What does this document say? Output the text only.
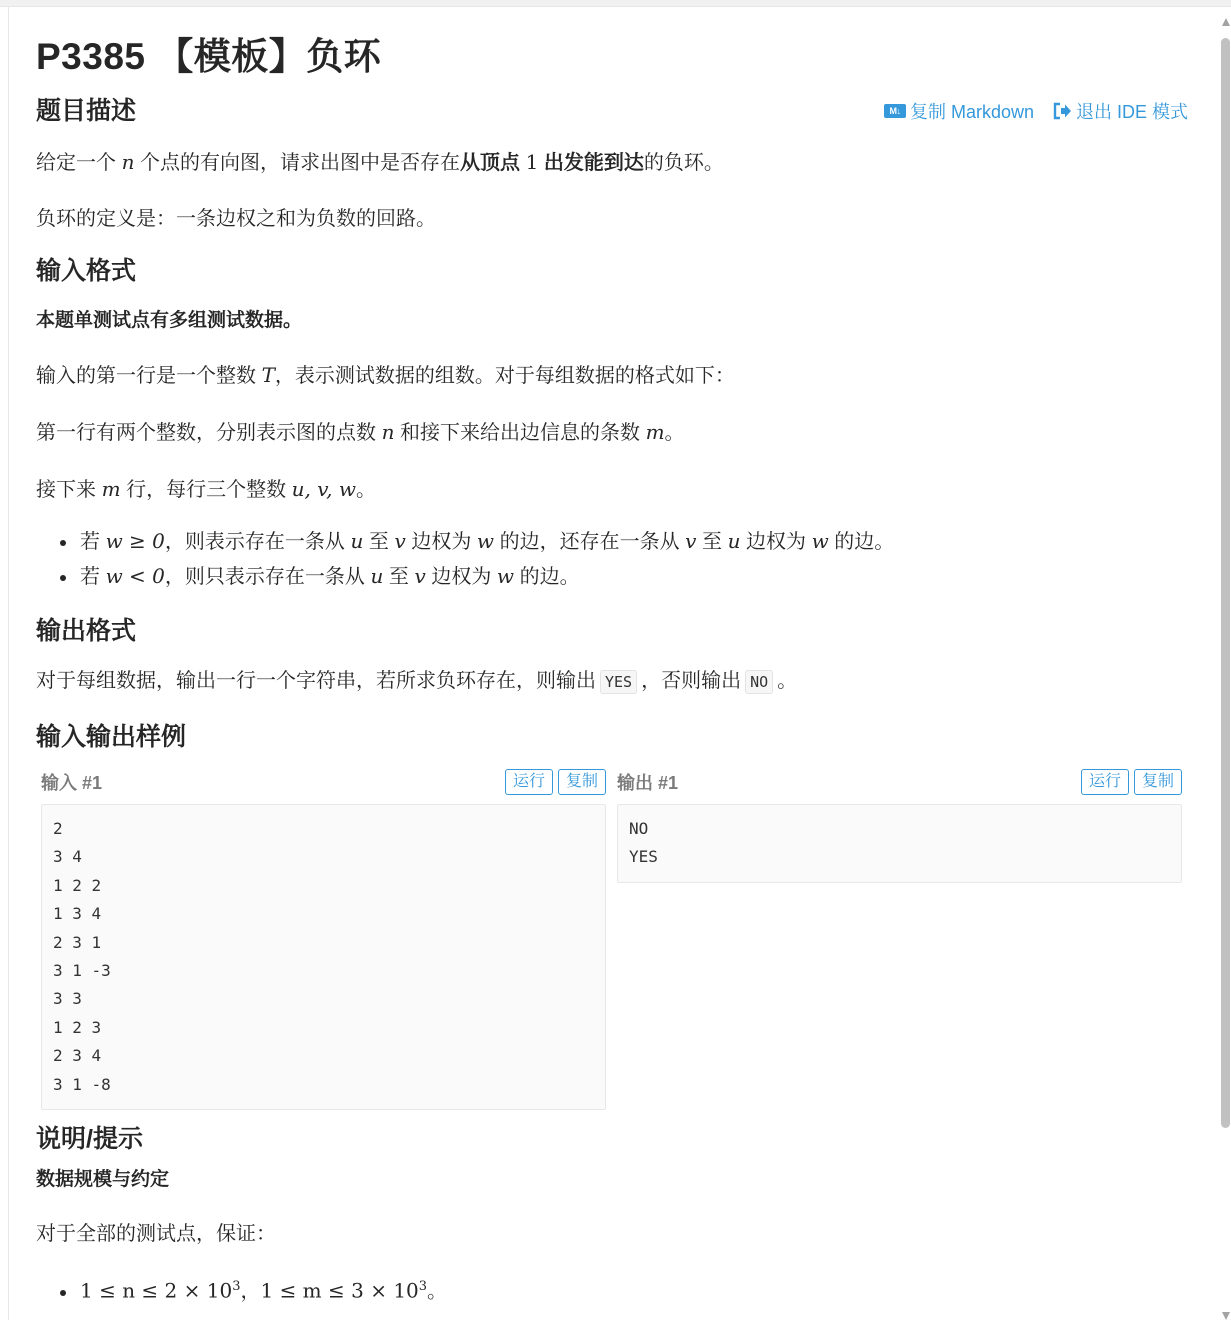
P3385 【模板】负环
题目描述	M↓ 复制 Markdown 退出 IDE 模式

给定一个 n 个点的有向图，请求出图中是否存在从顶点 1 出发能到达的负环。

负环的定义是：一条边权之和为负数的回路。

输入格式
本题单测试点有多组测试数据。

输入的第一行是一个整数 T，表示测试数据的组数。对于每组数据的格式如下：

第一行有两个整数，分别表示图的点数 n 和接下来给出边信息的条数 m。

接下来 m 行，每行三个整数 u, v, w。

• 若 w ≥ 0，则表示存在一条从 u 至 v 边权为 w 的边，还存在一条从 v 至 u 边权为 w 的边。
• 若 w < 0，则只表示存在一条从 u 至 v 边权为 w 的边。
输出格式

对于每组数据，输出一行一个字符串，若所求负环存在，则输出 YES ，否则输出 NO 。

输入输出样例
输入 #1	运行	复制
2
3 4
1 2 2
1 3 4
2 3 1
3 1 -3
3 3
1 2 3
2 3 4
3 1 -8
输出 #1	运行	复制
NO
YES
说明/提示
数据规模与约定

对于全部的测试点，保证：

• $1 \le n \le 2 \times 10^3$，$1 \le m \le 3 \times 10^3$。
